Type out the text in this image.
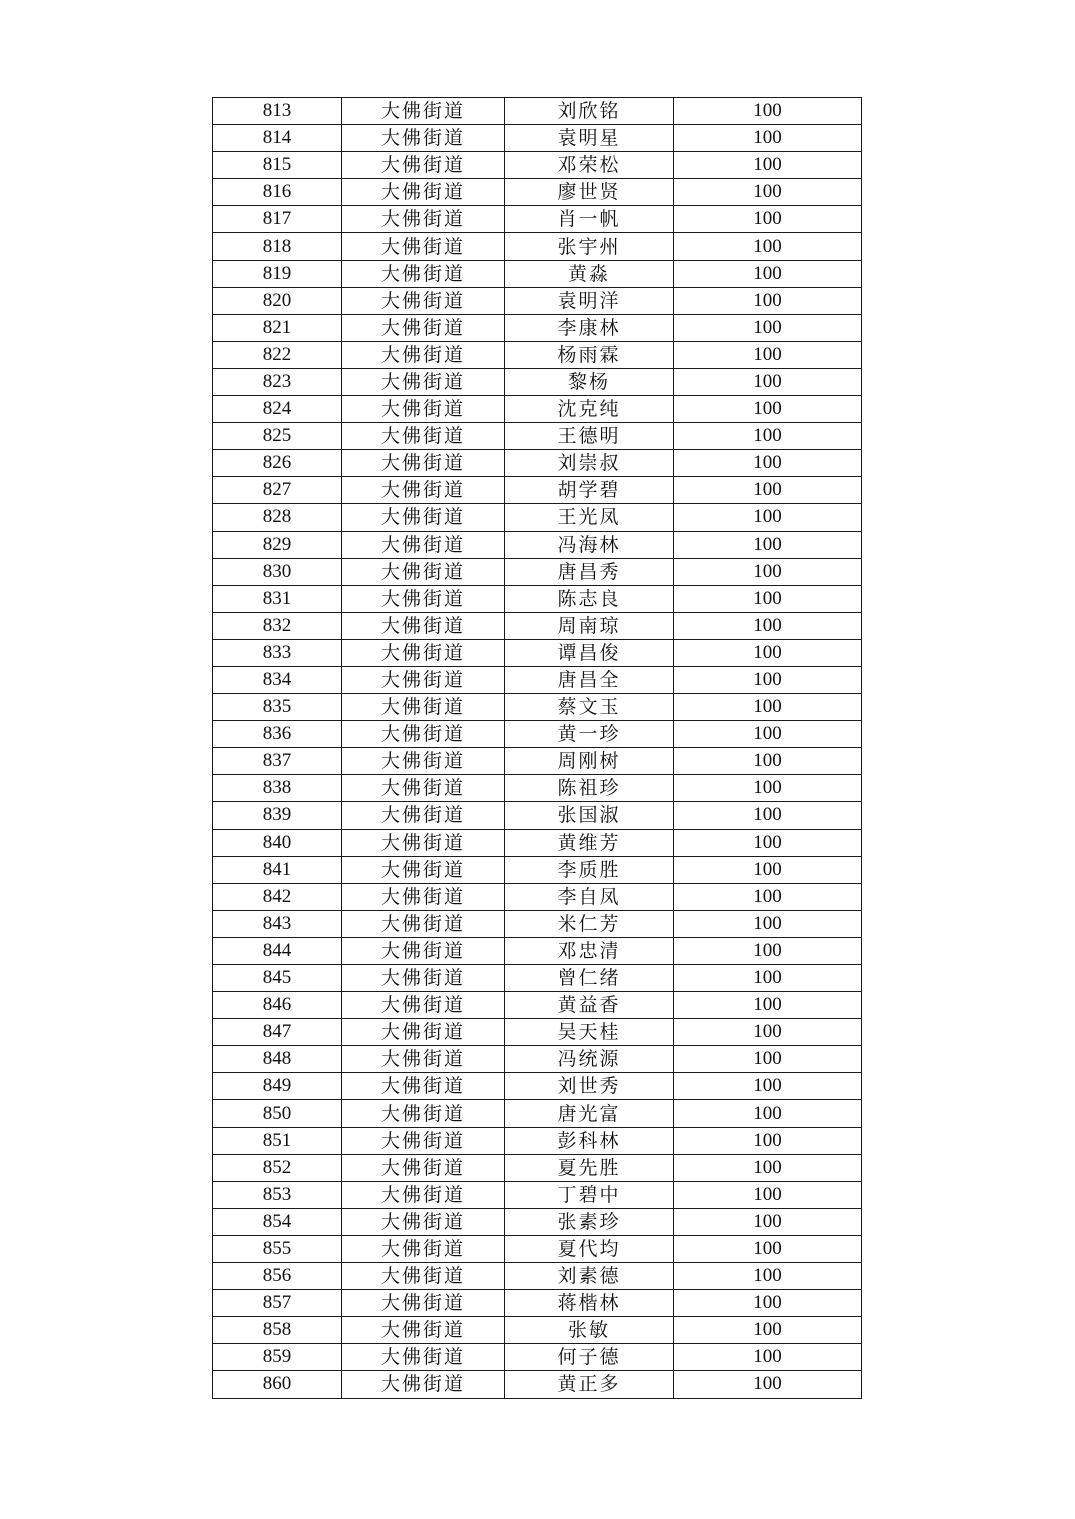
813	大佛街道	刘欣铭	100
814	大佛街道	袁明星	100
815	大佛街道	邓荣松	100
816	大佛街道	廖世贤	100
817	大佛街道	肖一帆	100
818	大佛街道	张宇州	100
819	大佛街道	黄淼	100
820	大佛街道	袁明洋	100
821	大佛街道	李康林	100
822	大佛街道	杨雨霖	100
823	大佛街道	黎杨	100
824	大佛街道	沈克纯	100
825	大佛街道	王德明	100
826	大佛街道	刘崇叔	100
827	大佛街道	胡学碧	100
828	大佛街道	王光凤	100
829	大佛街道	冯海林	100
830	大佛街道	唐昌秀	100
831	大佛街道	陈志良	100
832	大佛街道	周南琼	100
833	大佛街道	谭昌俊	100
834	大佛街道	唐昌全	100
835	大佛街道	蔡文玉	100
836	大佛街道	黄一珍	100
837	大佛街道	周刚树	100
838	大佛街道	陈祖珍	100
839	大佛街道	张国淑	100
840	大佛街道	黄维芳	100
841	大佛街道	李质胜	100
842	大佛街道	李自凤	100
843	大佛街道	米仁芳	100
844	大佛街道	邓忠清	100
845	大佛街道	曾仁绪	100
846	大佛街道	黄益香	100
847	大佛街道	吴天桂	100
848	大佛街道	冯统源	100
849	大佛街道	刘世秀	100
850	大佛街道	唐光富	100
851	大佛街道	彭科林	100
852	大佛街道	夏先胜	100
853	大佛街道	丁碧中	100
854	大佛街道	张素珍	100
855	大佛街道	夏代均	100
856	大佛街道	刘素德	100
857	大佛街道	蒋楷林	100
858	大佛街道	张敏	100
859	大佛街道	何子德	100
860	大佛街道	黄正多	100
